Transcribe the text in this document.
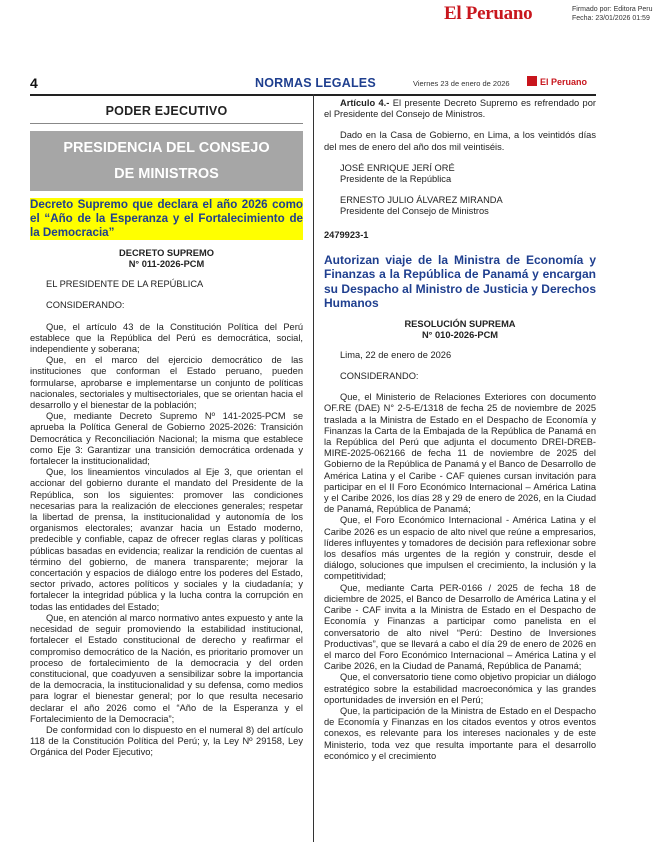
El Peruano	Firmado por: Editora Peru
Fecha: 23/01/2026 01:59
4	NORMAS LEGALES	Viernes 23 de enero de 2026	El Peruano
PODER EJECUTIVO
PRESIDENCIA DEL CONSEJO
DE MINISTROS
Decreto Supremo que declara el año 2026 como el “Año de la Esperanza y el Fortalecimiento de la Democracia”
DECRETO SUPREMO
N° 011-2026-PCM

EL PRESIDENTE DE LA REPÚBLICA

CONSIDERANDO:

Que, el artículo 43 de la Constitución Política del Perú establece que la República del Perú es democrática, social, independiente y soberana;

Que, en el marco del ejercicio democrático de las instituciones que conforman el Estado peruano, pueden formularse, aprobarse e implementarse un conjunto de políticas nacionales, sectoriales y multisectoriales, que se orientan hacia el desarrollo y el bienestar de la población;

Que, mediante Decreto Supremo Nº 141-2025-PCM se aprueba la Política General de Gobierno 2025-2026: Transición Democrática y Reconciliación Nacional; la misma que establece como Eje 3: Garantizar una transición democrática ordenada y fortalecer la institucionalidad;

Que, los lineamientos vinculados al Eje 3, que orientan el accionar del gobierno durante el mandato del Presidente de la República, son los siguientes: promover las condiciones necesarias para la realización de elecciones generales; respetar la libertad de prensa, la institucionalidad y autonomía de los organismos electorales; avanzar hacia un Estado moderno, predecible y confiable, capaz de ofrecer reglas claras y políticas públicas basadas en evidencia; realizar la rendición de cuentas al término del gobierno, de manera transparente; mejorar la concertación y espacios de diálogo entre los poderes del Estado, sector privado, actores políticos y sociales y la ciudadanía; y fortalecer la integridad pública y la lucha contra la corrupción en todas las entidades del Estado;

Que, en atención al marco normativo antes expuesto y ante la necesidad de seguir promoviendo la estabilidad institucional, fortalecer el Estado constitucional de derecho y reafirmar el compromiso democrático de la Nación, es prioritario promover un proceso de fortalecimiento de la democracia y del orden constitucional, que coadyuven a sensibilizar sobre la importancia de la democracia, la institucionalidad y su defensa, como medios para lograr el bienestar general; por lo que resulta necesario declarar el año 2026 como el “Año de la Esperanza y el Fortalecimiento de la Democracia”;

De conformidad con lo dispuesto en el numeral 8) del artículo 118 de la Constitución Política del Perú; y, la Ley Nº 29158, Ley Orgánica del Poder Ejecutivo;

Artículo 4.- El presente Decreto Supremo es refrendado por el Presidente del Consejo de Ministros.

Dado en la Casa de Gobierno, en Lima, a los veintidós días del mes de enero del año dos mil veintiséis.

JOSÉ ENRIQUE JERÍ ORÉ

Presidente de la República

ERNESTO JULIO ÁLVAREZ MIRANDA

Presidente del Consejo de Ministros

2479923-1

Autorizan viaje de la Ministra de Economía y Finanzas a la República de Panamá y encargan su Despacho al Ministro de Justicia y Derechos Humanos
RESOLUCIÓN SUPREMA
N° 010-2026-PCM

Lima, 22 de enero de 2026

CONSIDERANDO:

Que, el Ministerio de Relaciones Exteriores con documento OF.RE (DAE) N° 2-5-E/1318 de fecha 25 de noviembre de 2025 traslada a la Ministra de Estado en el Despacho de Economía y Finanzas la Carta de la Embajada de la República de Panamá en la República del Perú que adjunta el documento DREI-DREB-MIRE-2025-062166 de fecha 11 de noviembre de 2025 del Gobierno de la República de Panamá y el Banco de Desarrollo de América Latina y el Caribe - CAF quienes cursan invitación para participar en el II Foro Económico Internacional – América Latina y el Caribe 2026, los días 28 y 29 de enero de 2026, en la Ciudad de Panamá, República de Panamá;

Que, el Foro Económico Internacional - América Latina y el Caribe 2026 es un espacio de alto nivel que reúne a empresarios, líderes influyentes y tomadores de decisión para reflexionar sobre los desafíos más urgentes de la región y construir, desde el diálogo, soluciones que impulsen el crecimiento, la inclusión y la competitividad;

Que, mediante Carta PER-0166 / 2025 de fecha 18 de diciembre de 2025, el Banco de Desarrollo de América Latina y el Caribe - CAF invita a la Ministra de Estado en el Despacho de Economía y Finanzas a participar como panelista en el conversatorio de alto nivel “Perú: Destino de Inversiones Productivas”, que se llevará a cabo el día 29 de enero de 2026 en el marco del Foro Económico Internacional – América Latina y el Caribe 2026, en la Ciudad de Panamá, República de Panamá;

Que, el conversatorio tiene como objetivo propiciar un diálogo estratégico sobre la estabilidad macroeconómica y las grandes oportunidades de inversión en el Perú;

Que, la participación de la Ministra de Estado en el Despacho de Economía y Finanzas en los citados eventos y otros eventos conexos, es relevante para los intereses nacionales y de este Ministerio, toda vez que resulta importante para el desarrollo económico y el crecimiento
